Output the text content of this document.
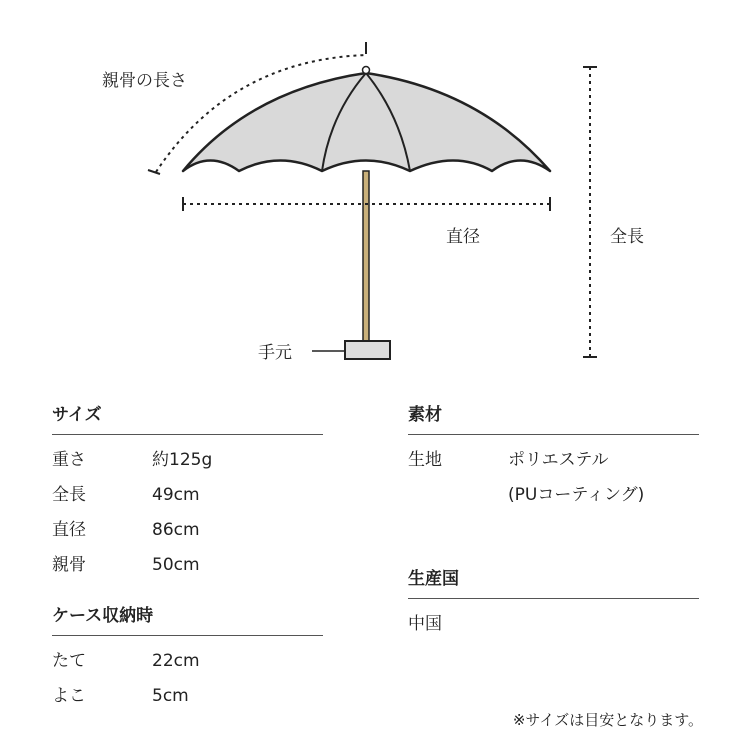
親骨の長さ
直径	全長
手元
サイズ
重さ	約125g
全長	49cm
直径	86cm
親骨	50cm
ケース収納時
たて	22cm
よこ	5cm
素材
生地	ポリエステル
(PUコーティング)
生産国
中国
※サイズは目安となります。
